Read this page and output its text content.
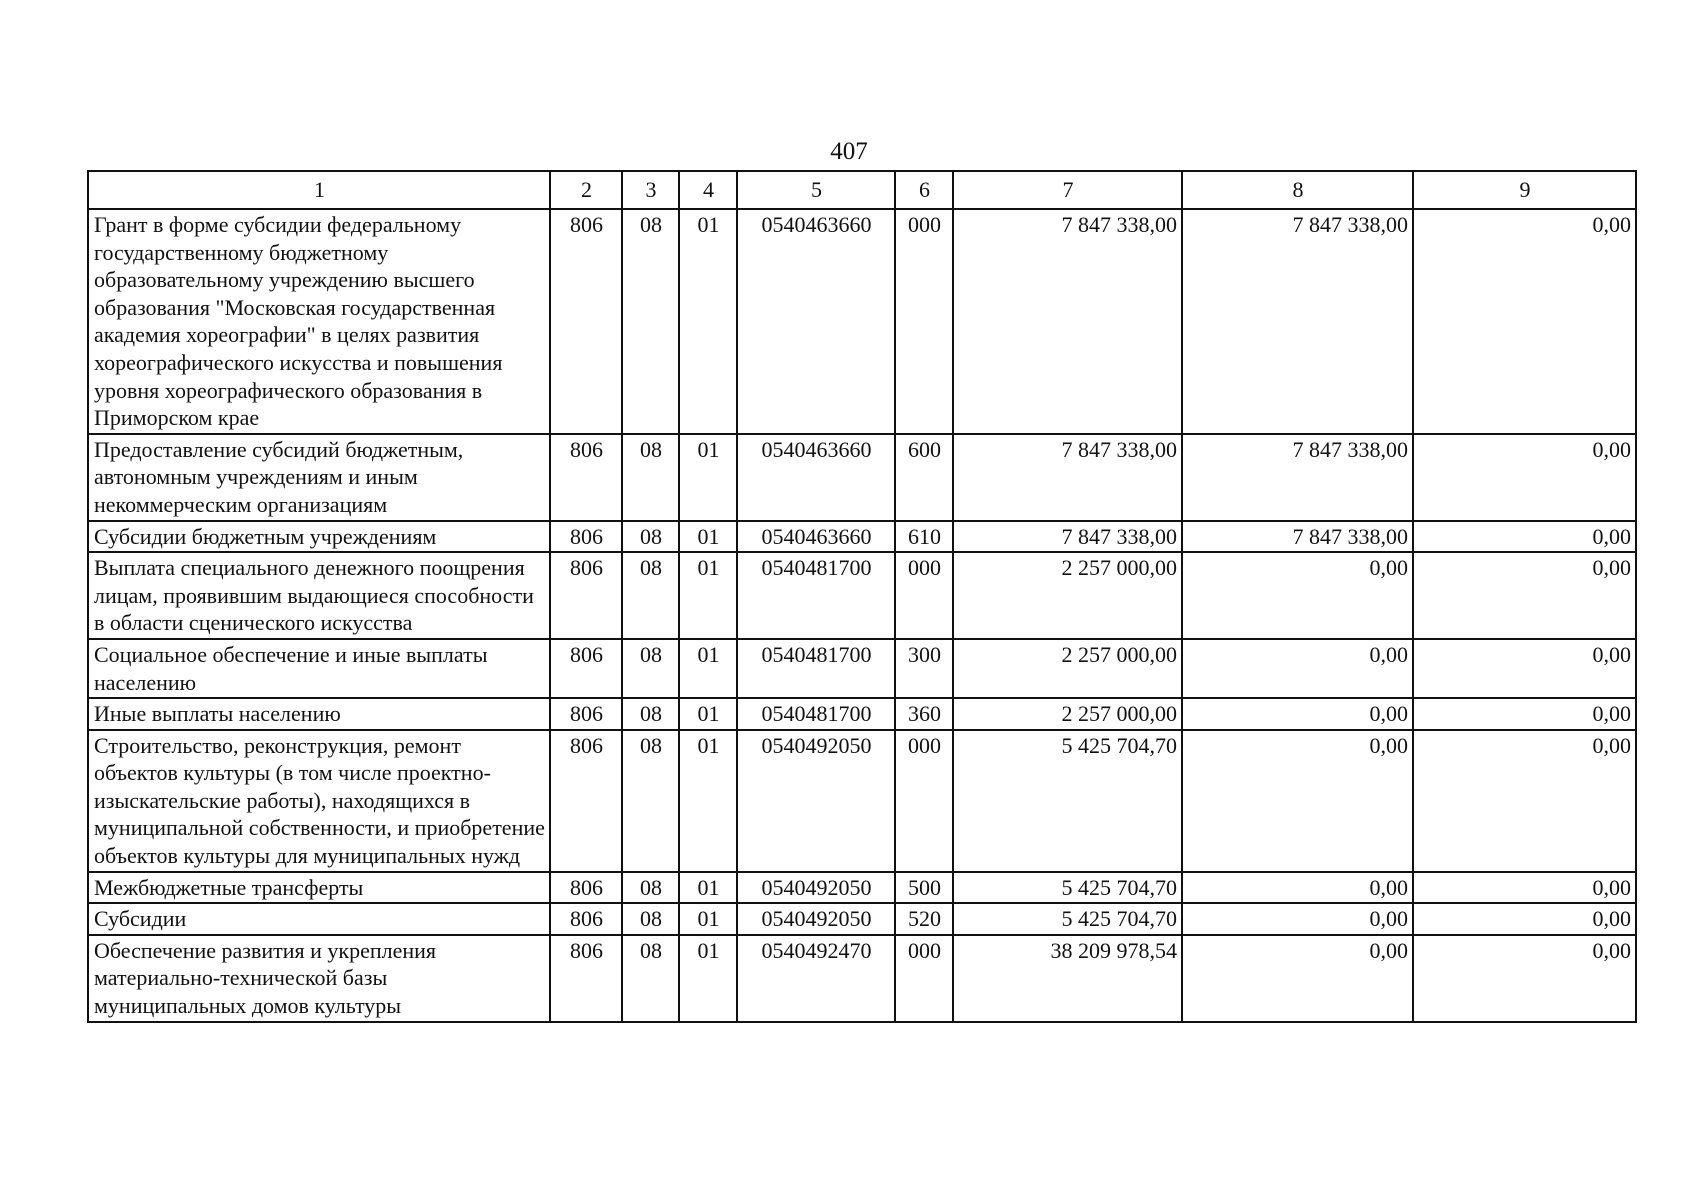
407
1	2	3	4	5	6	7	8	9
Грант в форме субсидии федеральному государственному бюджетному образовательному учреждению высшего образования "Московская государственная академия хореографии" в целях развития хореографического искусства и повышения уровня хореографического образования в Приморском крае	806	08	01	0540463660	000	7 847 338,00	7 847 338,00	0,00
Предоставление субсидий бюджетным, автономным учреждениям и иным некоммерческим организациям	806	08	01	0540463660	600	7 847 338,00	7 847 338,00	0,00
Субсидии бюджетным учреждениям	806	08	01	0540463660	610	7 847 338,00	7 847 338,00	0,00
Выплата специального денежного поощрения лицам, проявившим выдающиеся способности в области сценического искусства	806	08	01	0540481700	000	2 257 000,00	0,00	0,00
Социальное обеспечение и иные выплаты населению	806	08	01	0540481700	300	2 257 000,00	0,00	0,00
Иные выплаты населению	806	08	01	0540481700	360	2 257 000,00	0,00	0,00
Строительство, реконструкция, ремонт объектов культуры (в том числе проектно-изыскательские работы), находящихся в муниципальной собственности, и приобретение объектов культуры для муниципальных нужд	806	08	01	0540492050	000	5 425 704,70	0,00	0,00
Межбюджетные трансферты	806	08	01	0540492050	500	5 425 704,70	0,00	0,00
Субсидии	806	08	01	0540492050	520	5 425 704,70	0,00	0,00
Обеспечение развития и укрепления материально-технической базы муниципальных домов культуры	806	08	01	0540492470	000	38 209 978,54	0,00	0,00
